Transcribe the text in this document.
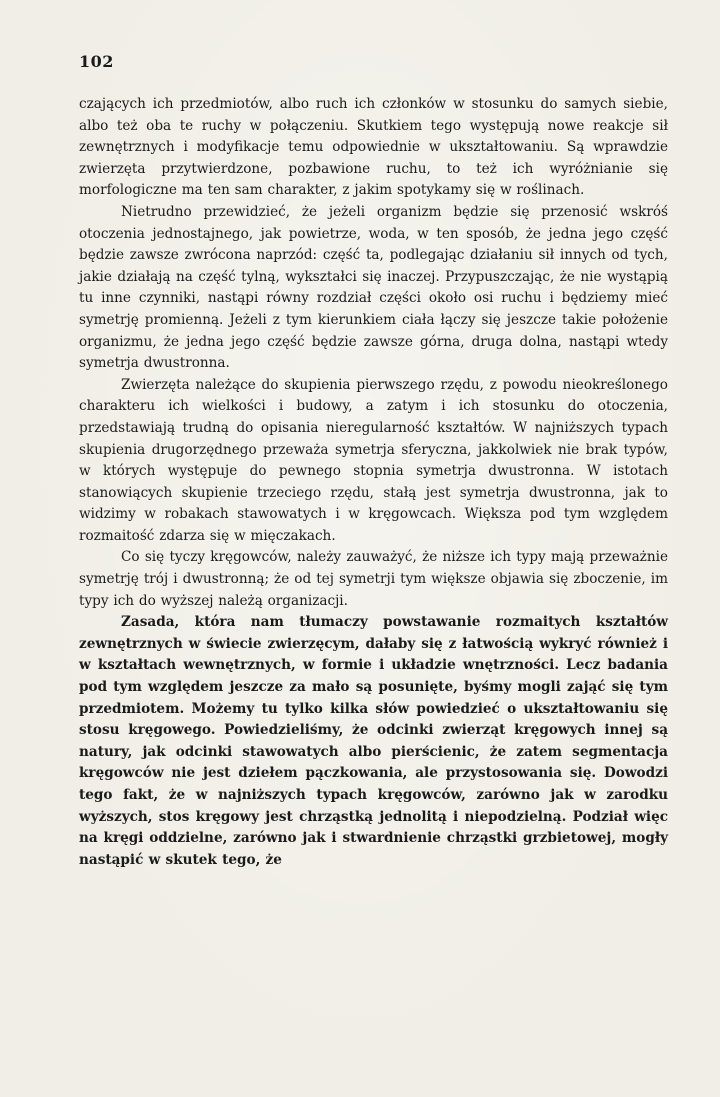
102

czających ich przedmiotów, albo ruch ich członków w stosunku do samych siebie, albo też oba te ruchy w połączeniu. Skutkiem tego występują nowe reakcje sił zewnętrznych i modyfikacje temu odpowiednie w ukształtowaniu. Są wprawdzie zwierzęta przytwierdzone, pozbawione ruchu, to też ich wyróżnianie się morfologiczne ma ten sam charakter, z jakim spotykamy się w roślinach.

Nietrudno przewidzieć, że jeżeli organizm będzie się przenosić wskróś otoczenia jednostajnego, jak powietrze, woda, w ten sposób, że jedna jego część będzie zawsze zwrócona naprzód: część ta, podlegając działaniu sił innych od tych, jakie działają na część tylną, wykształci się inaczej. Przypuszczając, że nie wystąpią tu inne czynniki, nastąpi równy rozdział części około osi ruchu i będziemy mieć symetrję promienną. Jeżeli z tym kierunkiem ciała łączy się jeszcze takie położenie organizmu, że jedna jego część będzie zawsze górna, druga dolna, nastąpi wtedy symetrja dwustronna.

Zwierzęta należące do skupienia pierwszego rzędu, z powodu nieokreślonego charakteru ich wielkości i budowy, a zatym i ich stosunku do otoczenia, przedstawiają trudną do opisania nieregularność kształtów. W najniższych typach skupienia drugorzędnego przeważa symetrja sferyczna, jakkolwiek nie brak typów, w których występuje do pewnego stopnia symetrja dwustronna. W istotach stanowiących skupienie trzeciego rzędu, stałą jest symetrja dwustronna, jak to widzimy w robakach stawowatych i w kręgowcach. Większa pod tym względem rozmaitość zdarza się w mięczakach.

Co się tyczy kręgowców, należy zauważyć, że niższe ich typy mają przeważnie symetrję trój i dwustronną; że od tej symetrji tym większe objawia się zboczenie, im typy ich do wyższej należą organizacji.

Zasada, która nam tłumaczy powstawanie rozmaitych kształtów zewnętrznych w świecie zwierzęcym, dałaby się z łatwością wykryć również i w kształtach wewnętrznych, w formie i układzie wnętrzności. Lecz badania pod tym względem jeszcze za mało są posunięte, byśmy mogli zająć się tym przedmiotem. Możemy tu tylko kilka słów powiedzieć o ukształtowaniu się stosu kręgowego. Powiedzieliśmy, że odcinki zwierząt kręgowych innej są natury, jak odcinki stawowatych albo pierścienic, że zatem segmentacja kręgowców nie jest dziełem pączkowania, ale przystosowania się. Dowodzi tego fakt, że w najniższych typach kręgowców, zarówno jak w zarodku wyższych, stos kręgowy jest chrząstką jednolitą i niepodzielną. Podział więc na kręgi oddzielne, zarówno jak i stwardnienie chrząstki grzbietowej, mogły nastąpić w skutek tego, że
